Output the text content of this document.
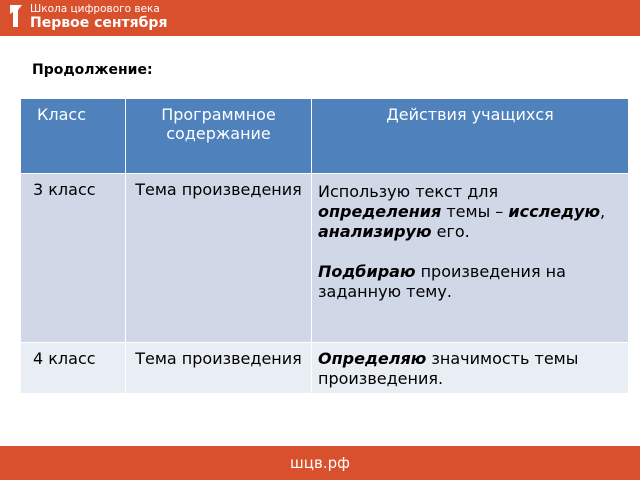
Школа цифрового века
Первое сентября
Продолжение:
Класс	Программное содержание	Действия учащихся

3 класс	Тема произведения	Использую текст для определения темы – исследую, анализирую его.
Подбираю произведения на заданную тему.

4 класс	Тема произведения	Определяю значимость темы произведения.
шцв.рф
